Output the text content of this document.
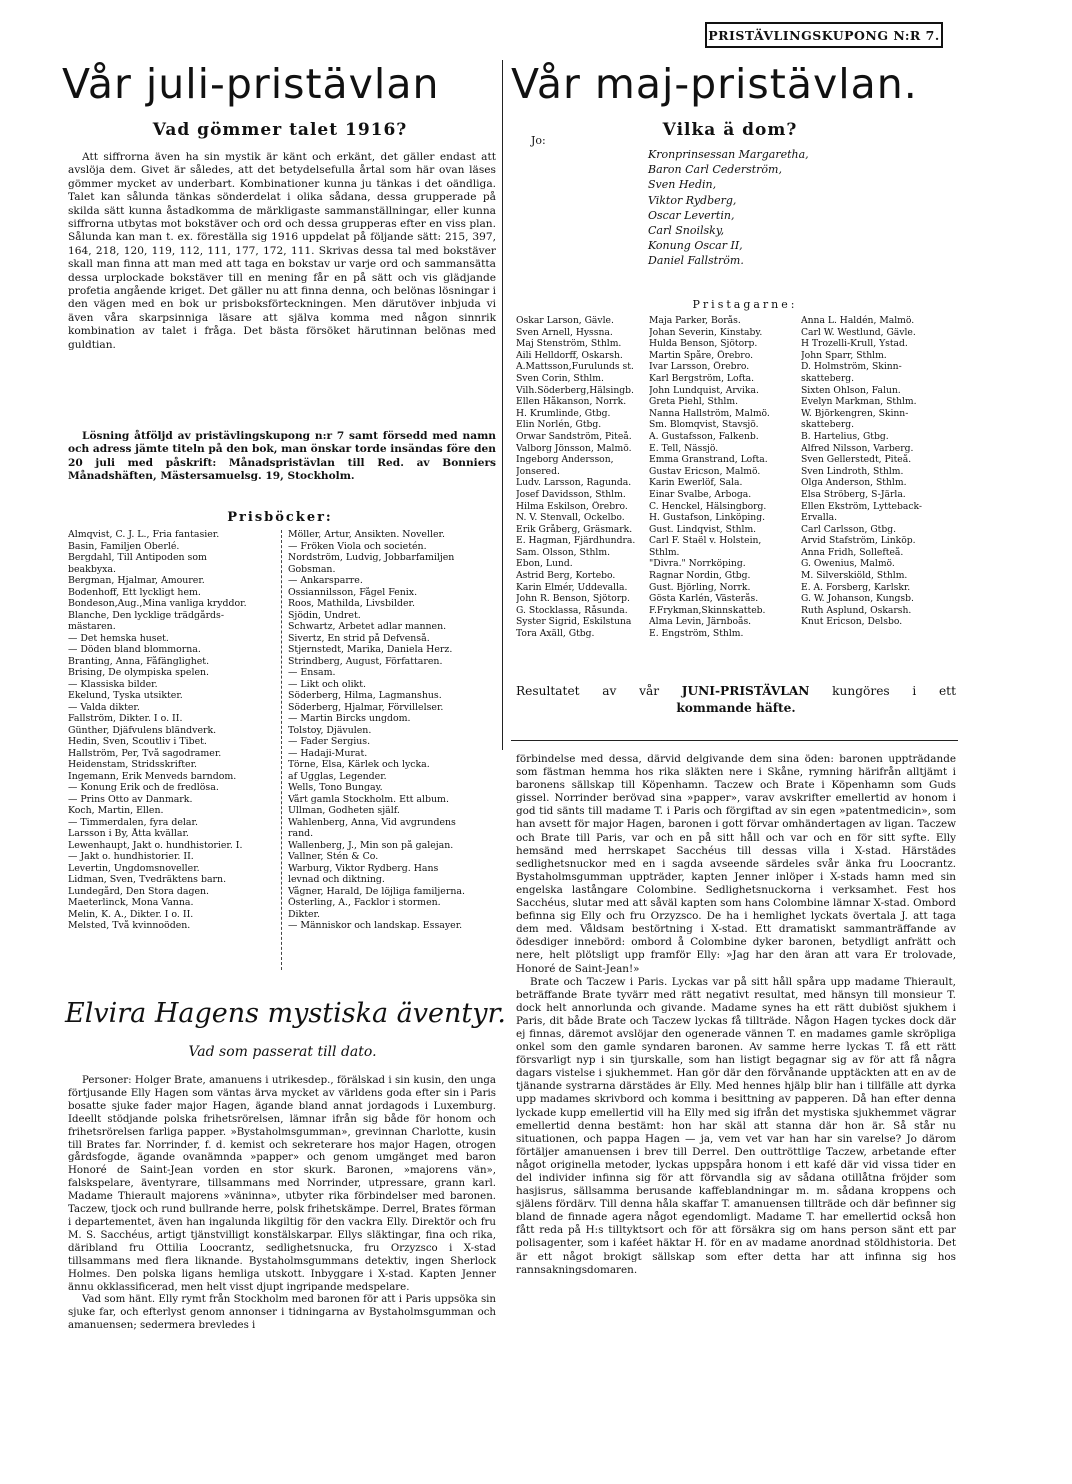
PRISTÄVLINGSKUPONG N:R 7.
Vår juli-pristävlan Vår maj-pristävlan.
Vad gömmer talet 1916?

Att siffrorna även ha sin mystik är känt och erkänt, det gäller endast att avslöja dem. Givet är således, att det betydelsefulla årtal som här ovan läses gömmer mycket av underbart. Kombinationer kunna ju tänkas i det oändliga. Talet kan sålunda tänkas sönderdelat i olika sådana, dessa grupperade på skilda sätt kunna åstadkomma de märkligaste sammanställningar, eller kunna siffrorna utbytas mot bokstäver och ord och dessa grupperas efter en viss plan. Sålunda kan man t. ex. föreställa sig 1916 uppdelat på följande sätt: 215, 397, 164, 218, 120, 119, 112, 111, 177, 172, 111. Skrivas dessa tal med bokstäver skall man finna att man med att taga en bokstav ur varje ord och sammansätta dessa urplockade bokstäver till en mening får en på sätt och vis glädjande profetia angående kriget. Det gäller nu att finna denna, och belönas lösningar i den vägen med en bok ur prisboksförteckningen. Men därutöver inbjuda vi även våra skarpsinniga läsare att själva komma med någon sinnrik kombination av talet i fråga. Det bästa försöket härutinnan belönas med guldtian.

Lösning åtföljd av pristävlingskupong n:r 7 samt försedd med namn och adress jämte titeln på den bok, man önskar torde insändas före den 20 juli med påskrift: Månadspristävlan till Red. av Bonniers Månadshäften, Mästersamuelsg. 19, Stockholm.

Prisböcker:
Almqvist, C. J. L., Fria fantasier.
Basin, Familjen Oberlé.
Bergdahl, Till Antipoden som
beakbyxa.
Bergman, Hjalmar, Amourer.
Bodenhoff, Ett lyckligt hem.
Bondeson,Aug.,Mina vanliga kryddor.
Blanche, Den lycklige trädgårds-
mästaren.
— Det hemska huset.
— Döden bland blommorna.
Branting, Anna, Fåfänglighet.
Brising, De olympiska spelen.
— Klassiska bilder.
Ekelund, Tyska utsikter.
— Valda dikter.
Fallström, Dikter. I o. II.
Günther, Djäfvulens bländverk.
Hedin, Sven, Scoutliv i Tibet.
Hallström, Per, Två sagodramer.
Heidenstam, Stridsskrifter.
Ingemann, Erik Menveds barndom.
— Konung Erik och de fredlösa.
— Prins Otto av Danmark.
Koch, Martin, Ellen.
— Timmerdalen, fyra delar.
Larsson i By, Åtta kvällar.
Lewenhaupt, Jakt o. hundhistorier. I.
— Jakt o. hundhistorier. II.
Levertin, Ungdomsnoveller.
Lidman, Sven, Tvedräktens barn.
Lundegård, Den Stora dagen.
Maeterlinck, Mona Vanna.
Melin, K. A., Dikter. I o. II.
Melsted, Två kvinnoöden.
Möller, Artur, Ansikten. Noveller.
— Fröken Viola och societén.
Nordström, Ludvig, Jobbarfamiljen
Gobsman.
— Ankarsparre.
Ossiannilsson, Fågel Fenix.
Roos, Mathilda, Livsbilder.
Sjödin, Undret.
Schwartz, Arbetet adlar mannen.
Sivertz, En strid på Defvenså.
Stjernstedt, Marika, Daniela Herz.
Strindberg, August, Författaren.
— Ensam.
— Likt och olikt.
Söderberg, Hilma, Lagmanshus.
Söderberg, Hjalmar, Förvillelser.
— Martin Bircks ungdom.
Tolstoy, Djävulen.
— Fader Sergius.
— Hadaji-Murat.
Törne, Elsa, Kärlek och lycka.
af Ugglas, Legender.
Wells, Tono Bungay.
Vårt gamla Stockholm. Ett album.
Ullman, Godheten själf.
Wahlenberg, Anna, Vid avgrundens
rand.
Wallenberg, J., Min son på galejan.
Vallner, Stén & Co.
Warburg, Viktor Rydberg. Hans
levnad och diktning.
Vågner, Harald, De löjliga familjerna.
Österling, A., Facklor i stormen.
Dikter.
— Människor och landskap. Essayer.
Elvira Hagens mystiska äventyr.
Vad som passerat till dato.

Personer: Holger Brate, amanuens i utrikesdep., förälskad i sin kusin, den unga förtjusande Elly Hagen som väntas ärva mycket av världens goda efter sin i Paris bosatte sjuke fader major Hagen, ägande bland annat jordagods i Luxemburg. Ideellt stödjande polska frihetsrörelsen, lämnar ifrån sig både för honom och frihetsrörelsen farliga papper. »Bystaholmsgumman», grevinnan Charlotte, kusin till Brates far. Norrinder, f. d. kemist och sekreterare hos major Hagen, otrogen gårdsfogde, ägande ovanämnda »papper» och genom umgänget med baron Honoré de Saint-Jean vorden en stor skurk. Baronen, »majorens vän», falskspelare, äventyrare, tillsammans med Norrinder, utpressare, grann karl. Madame Thierault majorens »väninna», utbyter rika förbindelser med baronen. Taczew, tjock och rund bullrande herre, polsk frihetskämpe. Derrel, Brates förman i departementet, även han ingalunda likgiltig för den vackra Elly. Direktör och fru M. S. Sacchéus, artigt tjänstvilligt konstälskarpar. Ellys släktingar, fina och rika, däribland fru Ottilia Loocrantz, sedlighetsnucka, fru Orzyzsco i X-stad tillsammans med flera liknande. Bystaholmsgummans detektiv, ingen Sherlock Holmes. Den polska ligans hemliga utskott. Inbyggare i X-stad. Kapten Jenner ännu okklassificerad, men helt visst djupt ingripande medspelare.

Vad som hänt. Elly rymt från Stockholm med baronen för att i Paris uppsöka sin sjuke far, och efterlyst genom annonser i tidningarna av Bystaholmsgumman och amanuensen; sedermera brevledes i

Vilka ä dom?
Jo:
Kronprinsessan Margaretha,
Baron Carl Cederström,
Sven Hedin,
Viktor Rydberg,
Oscar Levertin,
Carl Snoilsky,
Konung Oscar II,
Daniel Fallström.
Pristagarne:
Oskar Larson, Gävle.	Maja Parker, Borås.	Anna L. Haldén, Malmö.
Sven Arnell, Hyssna.	Johan Severin, Kinstaby.	Carl W. Westlund, Gävle.
Maj Stenström, Sthlm.	Hulda Benson, Sjötorp.	H Trozelli-Krull, Ystad.
Aili Helldorff, Oskarsh.	Martin Spåre, Örebro.	John Sparr, Sthlm.
A.Mattsson,Furulunds st.	Ivar Larsson, Örebro.	D. Holmström, Skinn-
Sven Corin, Sthlm.	Karl Bergström, Lofta.	skatteberg.
Vilh.Söderberg,Hälsingb.	John Lundquist, Arvika.	Sixten Ohlson, Falun.
Ellen Håkanson, Norrk.	Greta Piehl, Sthlm.	Evelyn Markman, Sthlm.
H. Krumlinde, Gtbg.	Nanna Hallström, Malmö.	W. Björkengren, Skinn-
Elin Norlén, Gtbg.	Sm. Blomqvist, Stavsjö.	skatteberg.
Orwar Sandström, Piteå.	A. Gustafsson, Falkenb.	B. Hartelius, Gtbg.
Valborg Jönsson, Malmö.	E. Tell, Nässjö.	Alfred Nilsson, Varberg.
Ingeborg Andersson,	Emma Granstrand, Lofta.	Sven Gellerstedt, Piteå.
Jonsered.	Gustav Ericson, Malmö.	Sven Lindroth, Sthlm.
Ludv. Larsson, Ragunda.	Karin Ewerlöf, Sala.	Olga Anderson, Sthlm.
Josef Davidsson, Sthlm.	Einar Svalbe, Arboga.	Elsa Ströberg, S-Järla.
Hilma Eskilson, Örebro.	C. Henckel, Hälsingborg.	Ellen Ekström, Lytteback-
N. V. Stenvall, Ockelbo.	H. Gustafson, Linköping.	Ervalla.
Erik Gråberg, Gräsmark.	Gust. Lindqvist, Sthlm.	Carl Carlsson, Gtbg.
E. Hagman, Fjärdhundra.	Carl F. Staël v. Holstein,	Arvid Stafström, Linköp.
Sam. Olsson, Sthlm.	Sthlm.	Anna Fridh, Sollefteå.
Ebon, Lund.	"Divra." Norrköping.	G. Owenius, Malmö.
Astrid Berg, Kortebo.	Ragnar Nordin, Gtbg.	M. Silverskiöld, Sthlm.
Karin Elmér, Uddevalla.	Gust. Björling, Norrk.	E. A. Forsberg, Karlskr.
John R. Benson, Sjötorp.	Gösta Karlén, Västerås.	G. W. Johanson, Kungsb.
G. Stocklassa, Råsunda.	F.Frykman,Skinnskatteb.	Ruth Asplund, Oskarsh.
Syster Sigrid, Eskilstuna	Alma Levin, Järnboås.	Knut Ericson, Delsbo.
Tora Axäll, Gtbg.	E. Engström, Sthlm.
Resultatet av vår JUNI-PRISTÄVLAN kungöres i ett
kommande häfte.

förbindelse med dessa, därvid delgivande dem sina öden: baronen uppträdande som fästman hemma hos rika släkten nere i Skåne, rymning härifrån alltjämt i baronens sällskap till Köpenhamn. Taczew och Brate i Köpenhamn som Guds gissel. Norrinder berövad sina »papper», varav avskrifter emellertid av honom i god tid sänts till madame T. i Paris och förgiftad av sin egen »patentmedicin», som han avsett för major Hagen, baronen i gott förvar omhändertagen av ligan. Taczew och Brate till Paris, var och en på sitt håll och var och en för sitt syfte. Elly hemsänd med herrskapet Sacchéus till dessas villa i X-stad. Härstädes sedlighetsnuckor med en i sagda avseende särdeles svår änka fru Loocrantz. Bystaholmsgumman uppträder, kapten Jenner inlöper i X-stads hamn med sin engelska lastångare Colombine. Sedlighetsnuckorna i verksamhet. Fest hos Sacchéus, slutar med att såväl kapten som hans Colombine lämnar X-stad. Ombord befinna sig Elly och fru Orzyzsco. De ha i hemlighet lyckats övertala J. att taga dem med. Våldsam bestörtning i X-stad. Ett dramatiskt sammanträffande av ödesdiger innebörd: ombord å Colombine dyker baronen, betydligt anfrätt och nere, helt plötsligt upp framför Elly: »Jag har den äran att vara Er trolovade, Honoré de Saint-Jean!»

Brate och Taczew i Paris. Lyckas var på sitt håll spåra upp madame Thierault, beträffande Brate tyvärr med rätt negativt resultat, med hänsyn till monsieur T. dock helt annorlunda och givande. Madame synes ha ett rätt dubiöst sjukhem i Paris, dit både Brate och Taczew lyckas få tillträde. Någon Hagen tyckes dock där ej finnas, däremot avslöjar den ogenerade vännen T. en madames gamle skröpliga onkel som den gamle syndaren baronen. Av samme herre lyckas T. få ett rätt försvarligt nyp i sin tjurskalle, som han listigt begagnar sig av för att få några dagars vistelse i sjukhemmet. Han gör där den förvånande upptäckten att en av de tjänande systrarna därstädes är Elly. Med hennes hjälp blir han i tillfälle att dyrka upp madames skrivbord och komma i besittning av papperen. Då han efter denna lyckade kupp emellertid vill ha Elly med sig ifrån det mystiska sjukhemmet vägrar emellertid denna bestämt: hon har skäl att stanna där hon är. Så står nu situationen, och pappa Hagen — ja, vem vet var han har sin varelse? Jo därom förtäljer amanuensen i brev till Derrel. Den outtröttlige Taczew, arbetande efter något originella metoder, lyckas uppspåra honom i ett kafé där vid vissa tider en del individer infinna sig för att förvandla sig av sådana otillåtna fröjder som hasjisrus, sällsamma berusande kaffeblandningar m. m. sådana kroppens och själens fördärv. Till denna håla skaffar T. amanuensen tillträde och där befinner sig bland de finnade agera något egendomligt. Madame T. har emellertid också hon fått reda på H:s tilltyktsort och för att försäkra sig om hans person sänt ett par polisagenter, som i kaféet häktar H. för en av madame anordnad stöldhistoria. Det är ett något brokigt sällskap som efter detta har att infinna sig hos rannsakningsdomaren.
